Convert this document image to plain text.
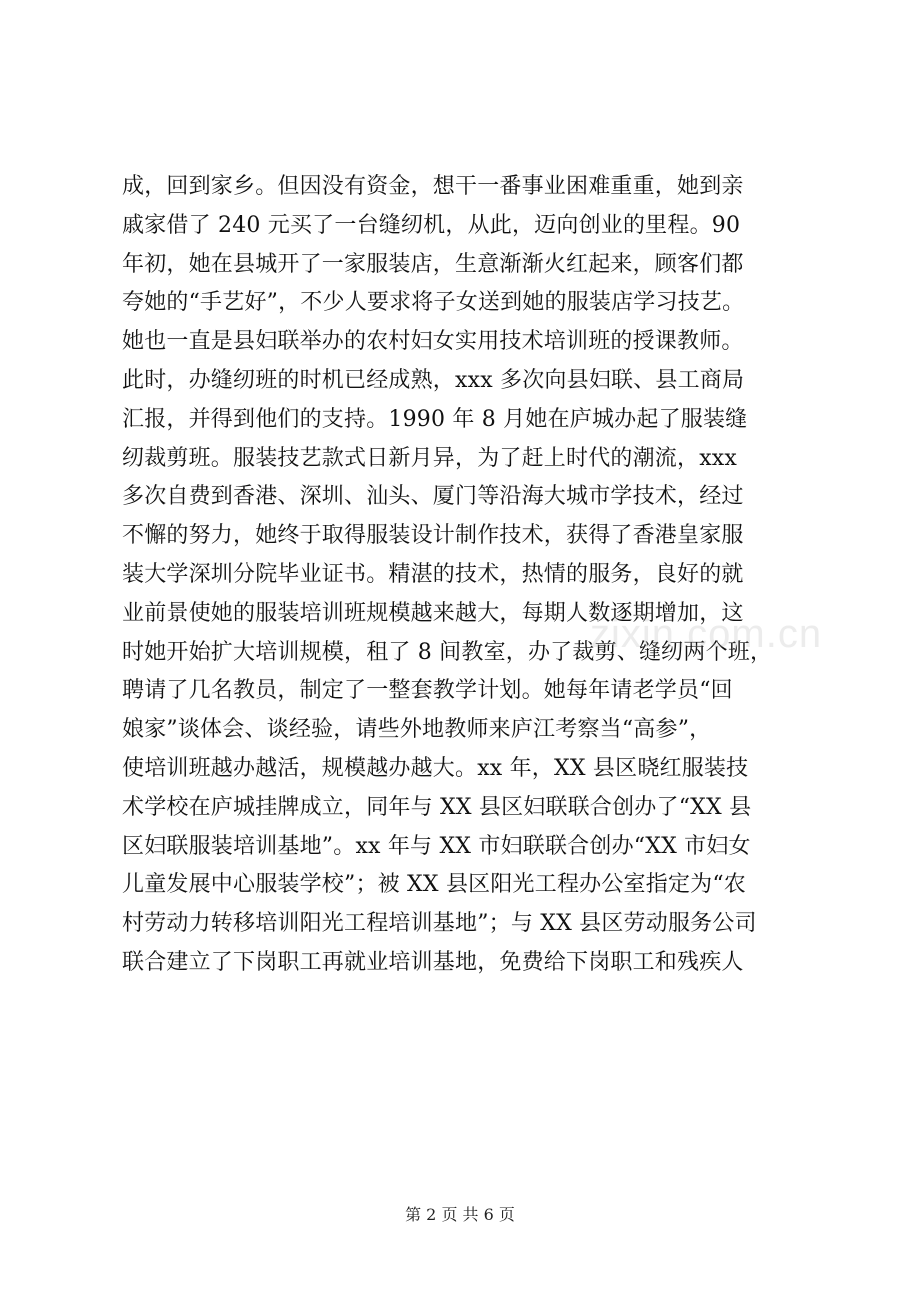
成，回到家乡。但因没有资金，想干一番事业困难重重，她到亲
戚家借了 240 元买了一台缝纫机，从此，迈向创业的里程。90
年初，她在县城开了一家服装店，生意渐渐火红起来，顾客们都
夸她的“手艺好”，不少人要求将子女送到她的服装店学习技艺。
她也一直是县妇联举办的农村妇女实用技术培训班的授课教师。
此时，办缝纫班的时机已经成熟，xxx 多次向县妇联、县工商局
汇报，并得到他们的支持。1990 年 8 月她在庐城办起了服装缝
纫裁剪班。服装技艺款式日新月异，为了赶上时代的潮流，xxx
多次自费到香港、深圳、汕头、厦门等沿海大城市学技术，经过
不懈的努力，她终于取得服装设计制作技术，获得了香港皇家服
装大学深圳分院毕业证书。精湛的技术，热情的服务，良好的就
业前景使她的服装培训班规模越来越大，每期人数逐期增加，这
时她开始扩大培训规模，租了 8 间教室，办了裁剪、缝纫两个班，
聘请了几名教员，制定了一整套教学计划。她每年请老学员“回
娘家”谈体会、谈经验，请些外地教师来庐江考察当“高参”，
使培训班越办越活，规模越办越大。xx 年，XX 县区晓红服装技
术学校在庐城挂牌成立，同年与 XX 县区妇联联合创办了“XX 县
区妇联服装培训基地”。xx 年与 XX 市妇联联合创办“XX 市妇女
儿童发展中心服装学校”；被 XX 县区阳光工程办公室指定为“农
村劳动力转移培训阳光工程培训基地”；与 XX 县区劳动服务公司
联合建立了下岗职工再就业培训基地，免费给下岗职工和残疾人
zixin.com.cn
第 2 页 共 6 页
